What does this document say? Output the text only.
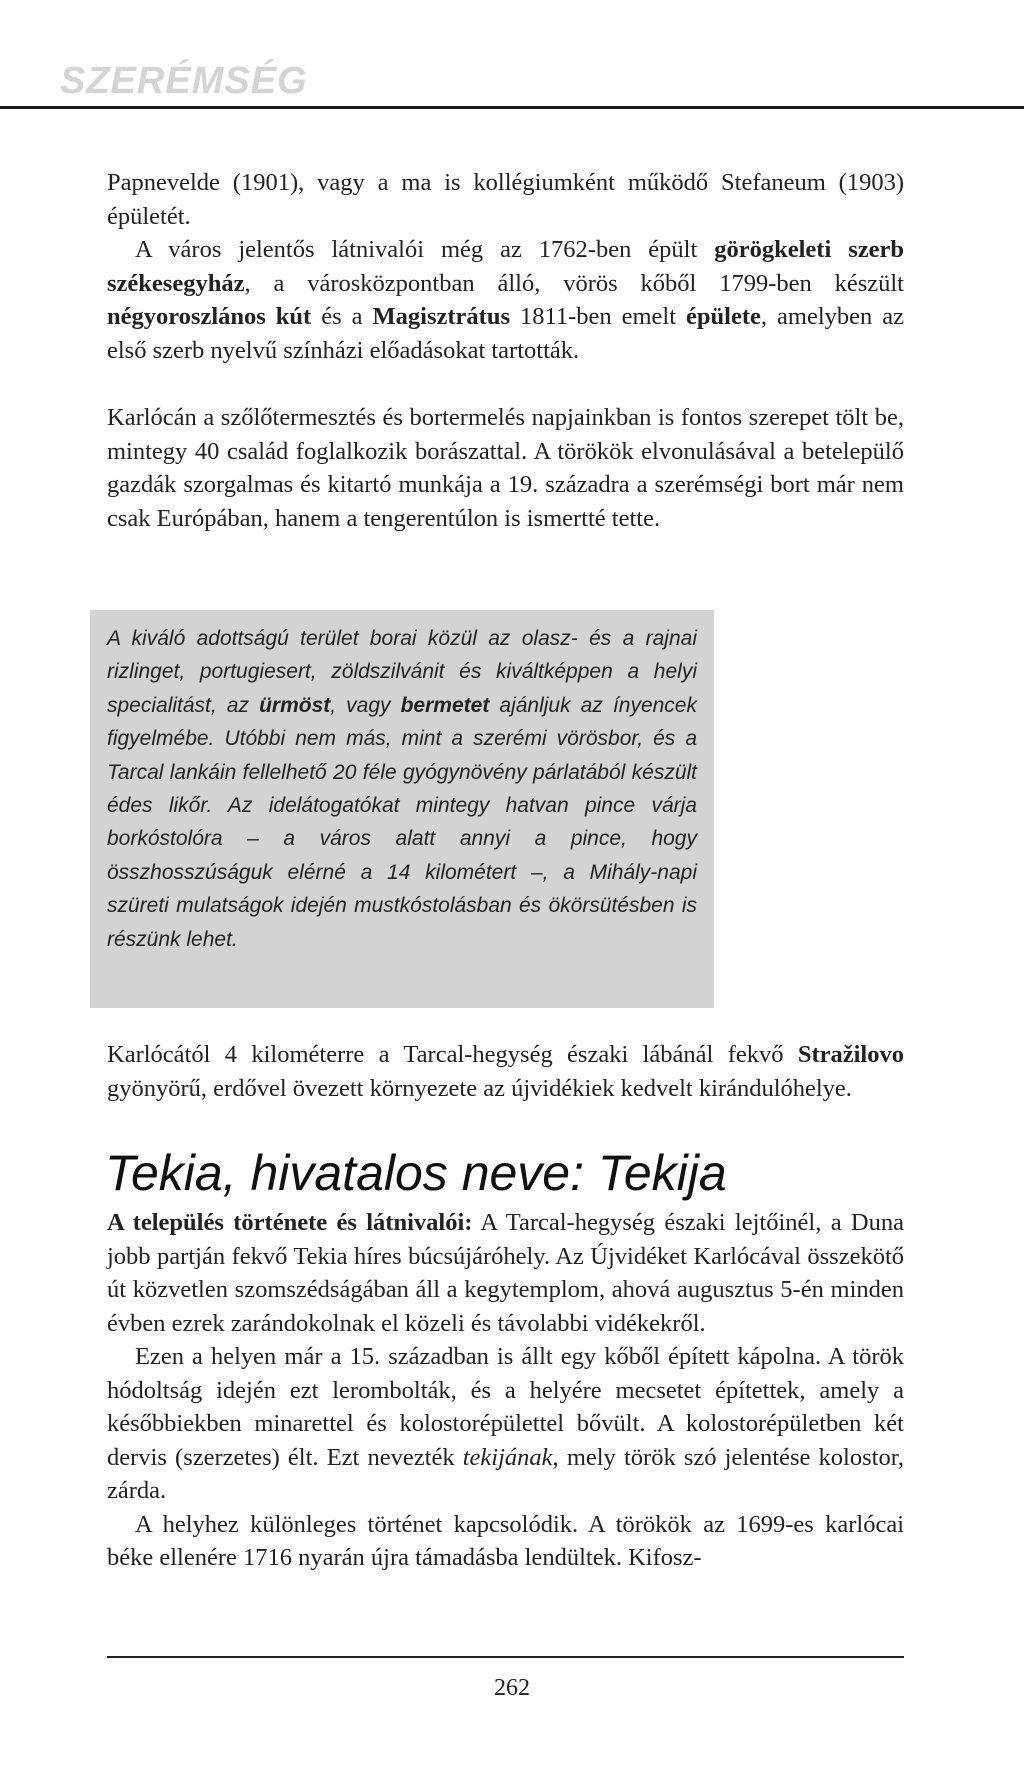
SZERÉMSÉG

Papnevelde (1901), vagy a ma is kollégiumként működő Stefaneum (1903) épületét.

A város jelentős látnivalói még az 1762-ben épült görögkeleti szerb székesegyház, a városközpontban álló, vörös kőből 1799-ben készült négyoroszlános kút és a Magisztrátus 1811-ben emelt épülete, amelyben az első szerb nyelvű színházi előadásokat tartották.

Karlócán a szőlőtermesztés és bortermelés napjainkban is fontos szerepet tölt be, mintegy 40 család foglalkozik borászattal. A törökök elvonulásával a betelepülő gazdák szorgalmas és kitartó munkája a 19. századra a szerémségi bort már nem csak Európában, hanem a tengerentúlon is ismertté tette.

A kiváló adottságú terület borai közül az olasz- és a rajnai rizlinget, portugiesert, zöldszilvánit és kiváltképpen a helyi specialitást, az ürmöst, vagy bermetet ajánljuk az ínyencek figyelmébe. Utóbbi nem más, mint a szerémi vörösbor, és a Tarcal lankáin fellelhető 20 féle gyógynövény párlatából készült édes likőr. Az idelátogatókat mintegy hatvan pince várja borkóstolóra – a város alatt annyi a pince, hogy összhosszúságuk elérné a 14 kilométert –, a Mihály-napi szüreti mulatságok idején mustkóstolásban és ökörsütésben is részünk lehet.

Karlócától 4 kilométerre a Tarcal-hegység északi lábánál fekvő Stražilovo gyönyörű, erdővel övezett környezete az újvidékiek kedvelt kirándulóhelye.

Tekia, hivatalos neve: Tekija

A település története és látnivalói: A Tarcal-hegység északi lejtőinél, a Duna jobb partján fekvő Tekia híres búcsújáróhely. Az Újvidéket Karlócával összekötő út közvetlen szomszédságában áll a kegytemplom, ahová augusztus 5-én minden évben ezrek zarándokolnak el közeli és távolabbi vidékekről.

Ezen a helyen már a 15. században is állt egy kőből épített kápolna. A török hódoltság idején ezt lerombolták, és a helyére mecsetet építettek, amely a későbbiekben minarettel és kolostorépülettel bővült. A kolostorépületben két dervis (szerzetes) élt. Ezt nevezték tekijának, mely török szó jelentése kolostor, zárda.

A helyhez különleges történet kapcsolódik. A törökök az 1699-es karlócai béke ellenére 1716 nyarán újra támadásba lendültek. Kifosz-

262
